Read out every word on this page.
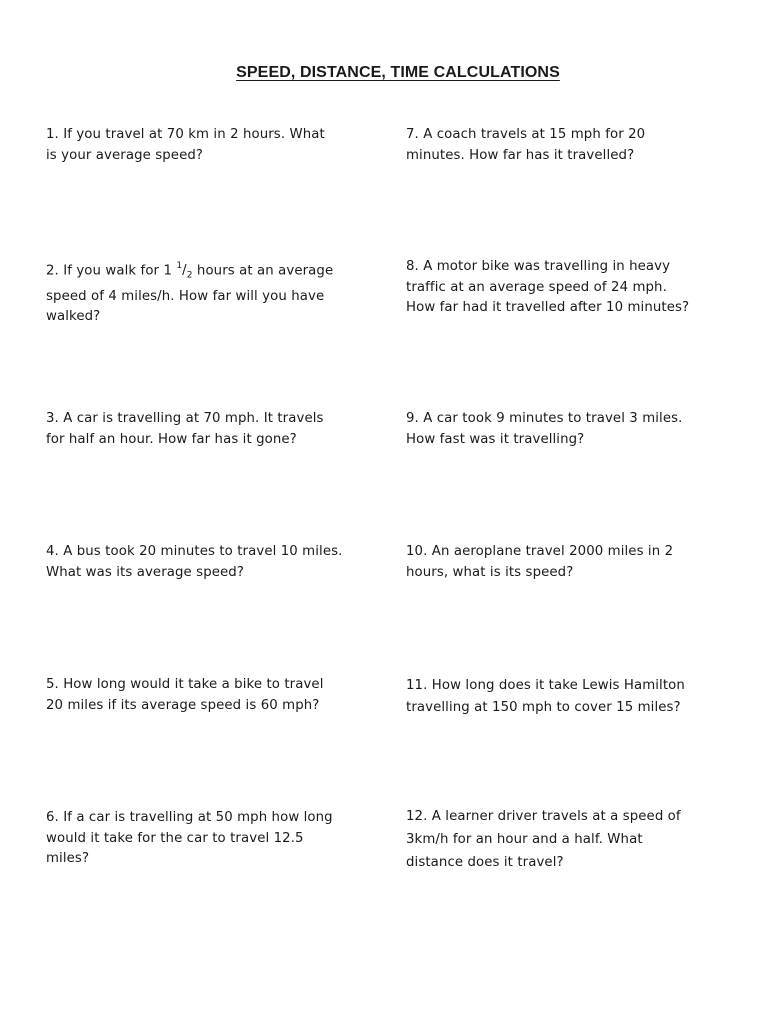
SPEED, DISTANCE, TIME CALCULATIONS
1. If you travel at 70 km in 2 hours. What
is your average speed?
2. If you walk for 1 $^1/_2$ hours at an average
speed of 4 miles/h. How far will you have
walked?
3. A car is travelling at 70 mph. It travels
for half an hour. How far has it gone?
4. A bus took 20 minutes to travel 10 miles.
What was its average speed?
5. How long would it take a bike to travel
20 miles if its average speed is 60 mph?
6. If a car is travelling at 50 mph how long
would it take for the car to travel 12.5
miles?
7. A coach travels at 15 mph for 20
minutes. How far has it travelled?
8. A motor bike was travelling in heavy
traffic at an average speed of 24 mph.
How far had it travelled after 10 minutes?
9. A car took 9 minutes to travel 3 miles.
How fast was it travelling?
10. An aeroplane travel 2000 miles in 2
hours, what is its speed?
11. How long does it take Lewis Hamilton
travelling at 150 mph to cover 15 miles?
12. A learner driver travels at a speed of
3km/h for an hour and a half. What
distance does it travel?
